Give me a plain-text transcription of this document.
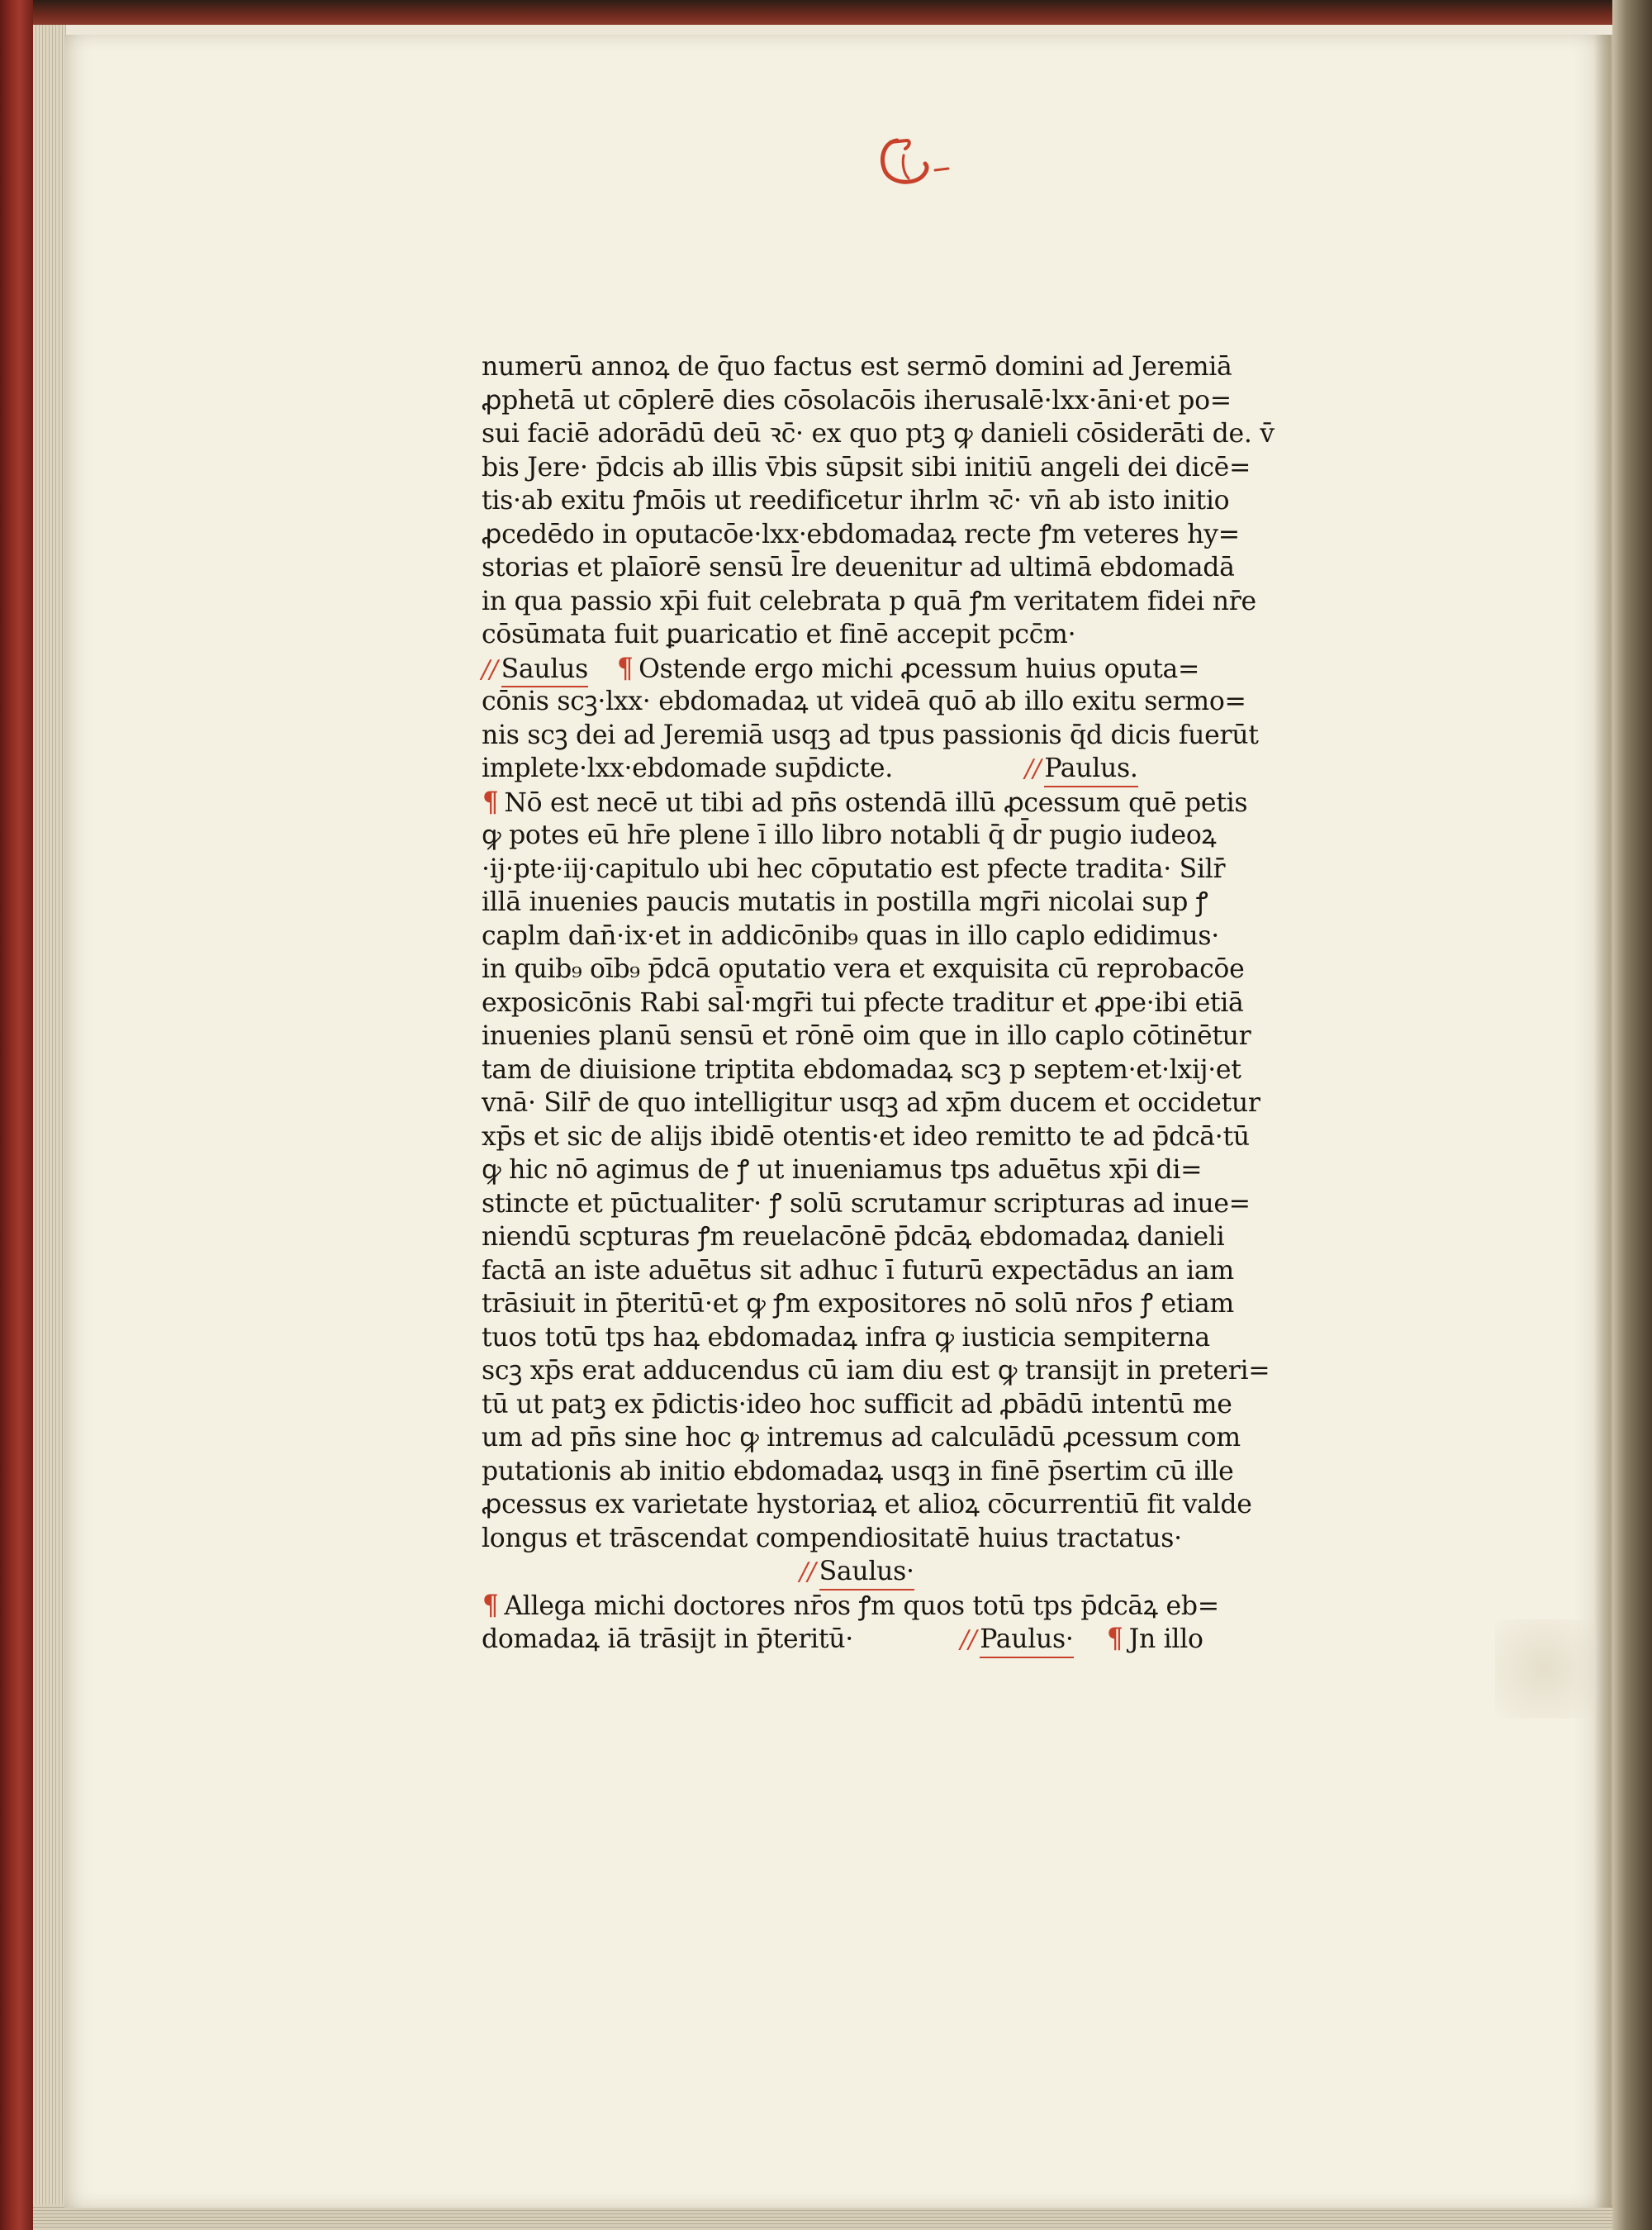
numerū annoꝝ de q̄uo factus est sermō domini ad Jeremiā
ꝓphetā ut cōplerē dies cōsolacōis iherusalē·lxx·āni·et po=
sui faciē adorādū deū ꝛc̄· ex quo ptꝫ ꝙ danieli cōsiderāti de. v̄
bis Jere· p̄dcis ab illis v̄bis sūpsit sibi initiū angeli dei dicē=
tis·ab exitu ꝭmōis ut reedificetur ihrlm ꝛc̄· vn̄ ab isto initio
ꝓcedēdo in oputacōe·lxx·ebdomadaꝝ recte ꝭm veteres hy=
storias et plaīorē sensū l̄re deuenitur ad ultimā ebdomadā
in qua passio xp̄i fuit celebrata p quā ꝭm veritatem fidei nr̄e
cōsūmata fuit ꝑuaricatio et finē accepit pcc̄m·
// Saulus ¶ Ostende ergo michi ꝓcessum huius oputa=
cōnis scꝫ·lxx· ebdomadaꝝ ut videā quō ab illo exitu sermo=
nis scꝫ dei ad Jeremiā usqꝫ ad tpus passionis q̄d dicis fuerūt
implete·lxx·ebdomade sup̄dicte.	// Paulus.
¶ Nō est necē ut tibi ad pn̄s ostendā illū ꝓcessum quē petis
ꝙ potes eū hr̄e plene ī illo libro notabli q̄ d̄r pugio iudeoꝝ
·ij·pte·iij·capitulo ubi hec cōputatio est pfecte tradita· Silr̄
illā inuenies paucis mutatis in postilla mgr̄i nicolai sup ꝭ
caplm dan̄·ix·et in addicōnib₉ quas in illo caplo edidimus·
in quib₉ oīb₉ p̄dcā oputatio vera et exquisita cū reprobacōe
exposicōnis Rabi sal̄·mgr̄i tui pfecte traditur et ꝓpe·ibi etiā
inuenies planū sensū et rōnē oim que in illo caplo cōtinētur
tam de diuisione triptita ebdomadaꝝ scꝫ p septem·et·lxij·et
vnā· Silr̄ de quo intelligitur usqꝫ ad xp̄m ducem et occidetur
xp̄s et sic de alijs ibidē otentis·et ideo remitto te ad p̄dcā·tū
ꝙ hic nō agimus de ꝭ ut inueniamus tps aduētus xp̄i di=
stincte et pūctualiter· ꝭ solū scrutamur scripturas ad inue=
niendū scpturas ꝭm reuelacōnē p̄dcāꝝ ebdomadaꝝ danieli
factā an iste aduētus sit adhuc ī futurū expectādus an iam
trāsiuit in p̄teritū·et ꝙ ꝭm expositores nō solū nr̄os ꝭ etiam
tuos totū tps haꝝ ebdomadaꝝ infra ꝙ iusticia sempiterna
scꝫ xp̄s erat adducendus cū iam diu est ꝙ transijt in preteri=
tū ut patꝫ ex p̄dictis·ideo hoc sufficit ad ꝓbādū intentū me
um ad pn̄s sine hoc ꝙ intremus ad calculādū ꝓcessum com
putationis ab initio ebdomadaꝝ usqꝫ in finē p̄sertim cū ille
ꝓcessus ex varietate hystoriaꝝ et alioꝝ cōcurrentiū fit valde
longus et trāscendat compendiositatē huius tractatus·
// Saulus·
¶ Allega michi doctores nr̄os ꝭm quos totū tps p̄dcāꝝ eb=
domadaꝝ iā trāsijt in p̄teritū·	// Paulus· ¶ Jn illo
